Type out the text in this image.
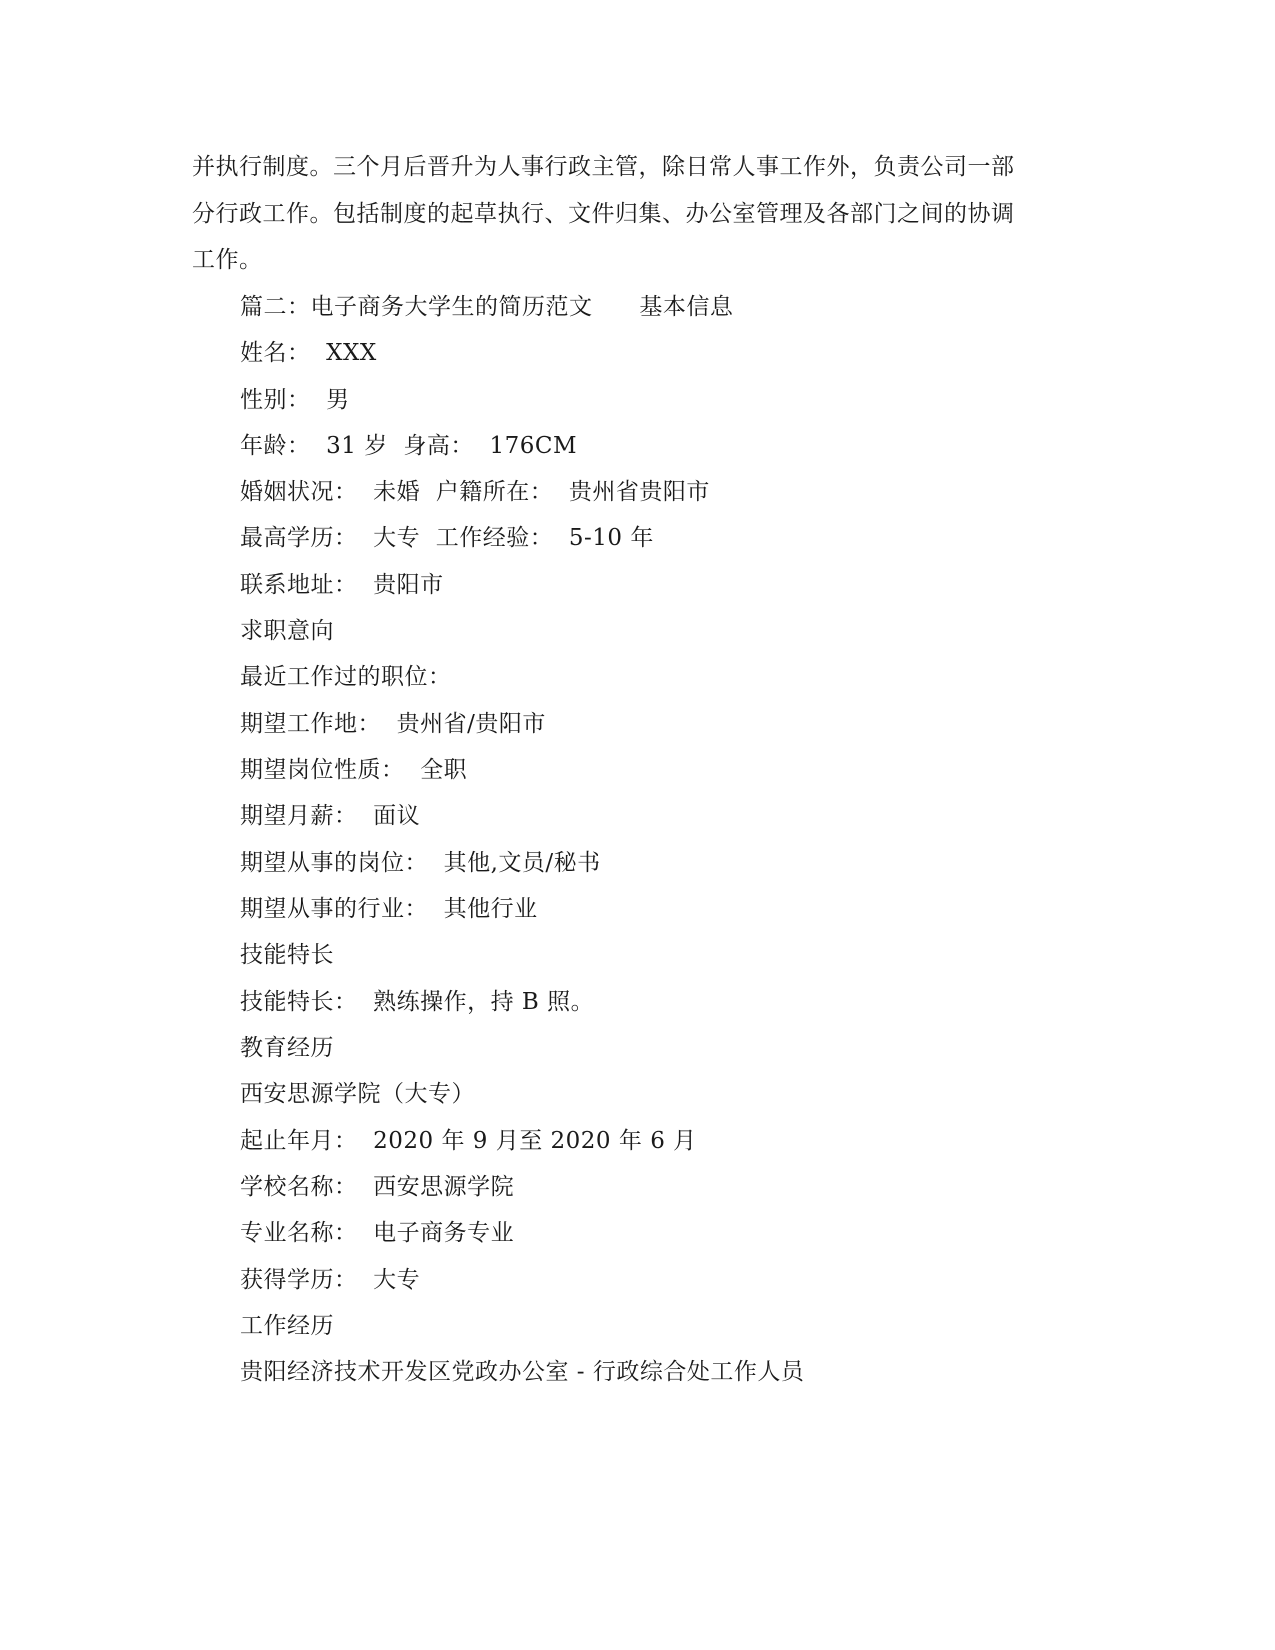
并执行制度。三个月后晋升为人事行政主管，除日常人事工作外，负责公司一部
分行政工作。包括制度的起草执行、文件归集、办公室管理及各部门之间的协调
工作。
篇二：电子商务大学生的简历范文      基本信息
姓名：  XXX
性别：  男
年龄：  31 岁  身高：  176CM
婚姻状况：  未婚  户籍所在：  贵州省贵阳市
最高学历：  大专  工作经验：  5-10 年
联系地址：  贵阳市
求职意向
最近工作过的职位：
期望工作地：  贵州省/贵阳市
期望岗位性质：  全职
期望月薪：  面议
期望从事的岗位：  其他,文员/秘书
期望从事的行业：  其他行业
技能特长
技能特长：  熟练操作，持 B 照。
教育经历
西安思源学院（大专）
起止年月：  2020 年 9 月至 2020 年 6 月
学校名称：  西安思源学院
专业名称：  电子商务专业
获得学历：  大专
工作经历
贵阳经济技术开发区党政办公室 - 行政综合处工作人员
